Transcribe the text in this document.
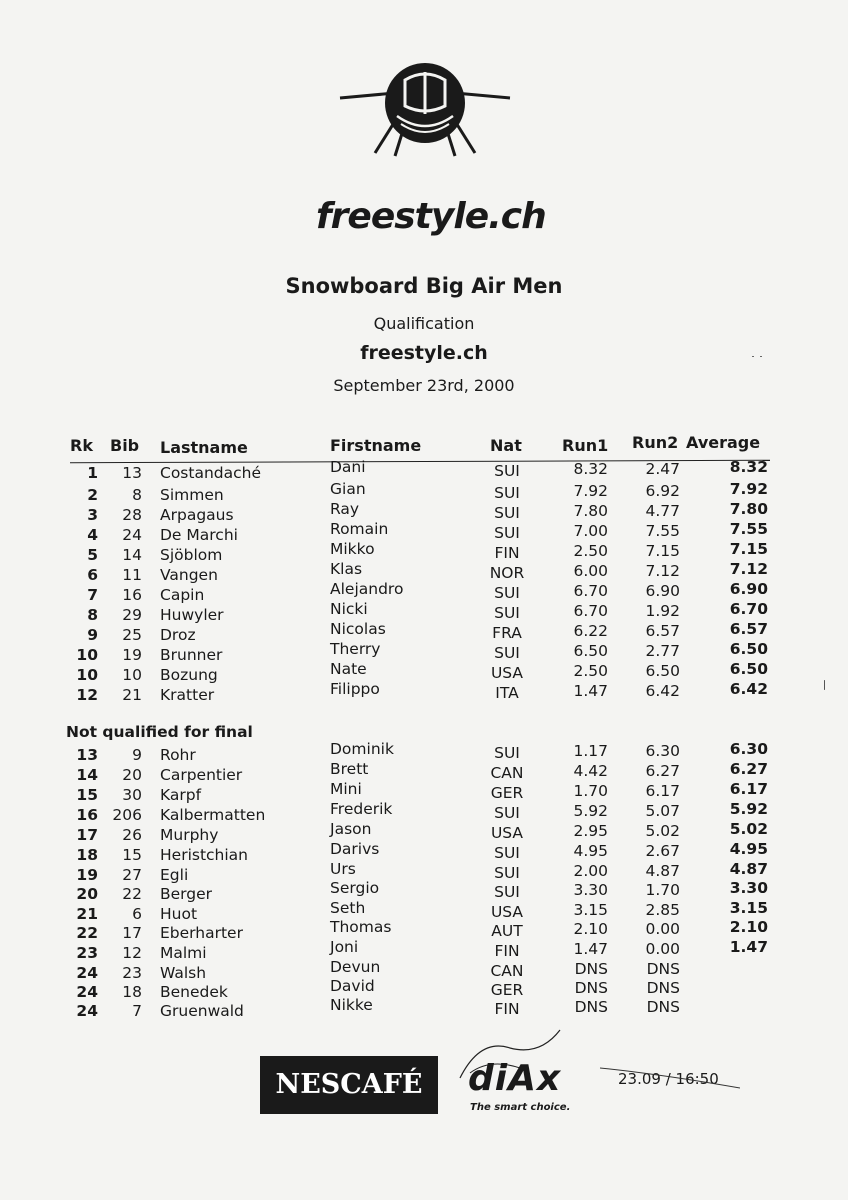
freestyle.ch
Snowboard Big Air Men
Qualification
freestyle.ch
September 23rd, 2000
Rk Bib Lastname	Firstname	Nat	Run1 Run2 Average
1	13 Costandaché	Dani	SUI	8.32	2.47	8.32
2	8 Simmen	Gian	SUI	7.92	6.92	7.92
3	28 Arpagaus	Ray	SUI	7.80	4.77	7.80
4	24 De Marchi	Romain	SUI	7.00	7.55	7.55
5	14 Sjöblom	Mikko	FIN	2.50	7.15	7.15
6	11 Vangen	Klas	NOR	6.00	7.12	7.12
7	16 Capin	Alejandro	SUI	6.70	6.90	6.90
8	29 Huwyler	Nicki	SUI	6.70	1.92	6.70
9	25 Droz	Nicolas	FRA	6.22	6.57	6.57
10	19 Brunner	Therry	SUI	6.50	2.77	6.50
10	10 Bozung	Nate	USA	2.50	6.50	6.50
12	21 Kratter	Filippo	ITA	1.47	6.42	6.42
Not qualified for final
13	9 Rohr	Dominik	SUI	1.17	6.30	6.30
14	20 Carpentier	Brett	CAN	4.42	6.27	6.27
15	30 Karpf	Mini	GER	1.70	6.17	6.17
16 206 Kalbermatten	Frederik	SUI	5.92	5.07	5.92
17	26 Murphy	Jason	USA	2.95	5.02	5.02
18	15 Heristchian	Darivs	SUI	4.95	2.67	4.95
19	27 Egli	Urs	SUI	2.00	4.87	4.87
20	22 Berger	Sergio	SUI	3.30	1.70	3.30
21	6 Huot	Seth	USA	3.15	2.85	3.15
22	17 Eberharter	Thomas	AUT	2.10	0.00	2.10
23	12 Malmi	Joni	FIN	1.47	0.00	1.47
24	23 Walsh	Devun	CAN	DNS	DNS
24	18 Benedek	David	GER	DNS	DNS
24	7 Gruenwald	Nikke	FIN	DNS	DNS
NESCAFÉ	diAx
The smart choice.
23.09 / 16:50
